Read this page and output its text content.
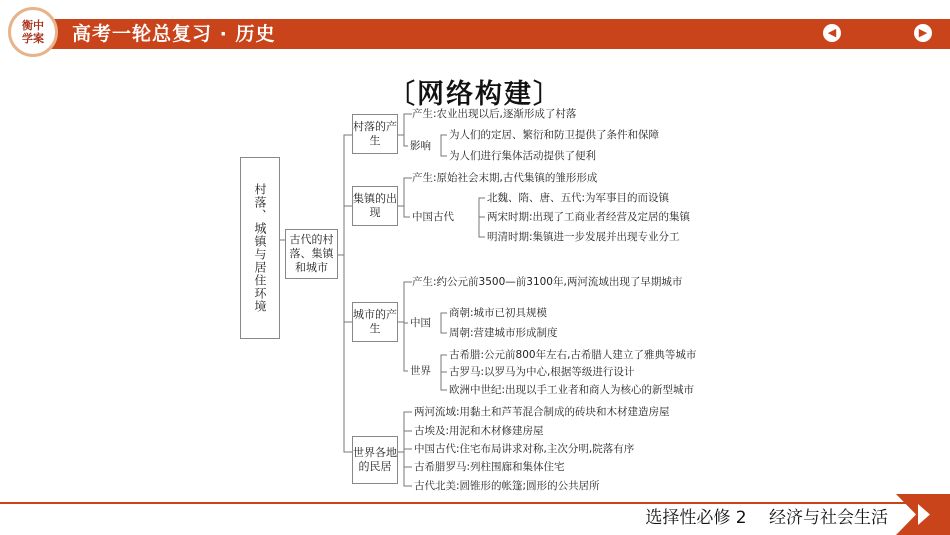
衡中学案 高考一轮总复习 · 历史	◀	▶
〔网络构建〕
村落、城镇与居住环境	古代的村落、集镇和城市
村落的产生
集镇的出现
城市的产生
世界各地的民居
产生:农业出现以后,逐渐形成了村落
影响
为人们的定居、繁衍和防卫提供了条件和保障
为人们进行集体活动提供了便利
产生:原始社会末期,古代集镇的雏形形成
中国古代
北魏、隋、唐、五代:为军事目的而设镇
两宋时期:出现了工商业者经营及定居的集镇
明清时期:集镇进一步发展并出现专业分工
产生:约公元前3500—前3100年,两河流域出现了早期城市
中国
商朝:城市已初具规模
周朝:营建城市形成制度
世界
古希腊:公元前800年左右,古希腊人建立了雅典等城市
古罗马:以罗马为中心,根据等级进行设计
欧洲中世纪:出现以手工业者和商人为核心的新型城市
两河流域:用黏土和芦苇混合制成的砖块和木材建造房屋
古埃及:用泥和木材修建房屋
中国古代:住宅布局讲求对称,主次分明,院落有序
古希腊罗马:列柱围廊和集体住宅
古代北美:圆锥形的帐篷;圆形的公共居所
选择性必修 2　 经济与社会生活
